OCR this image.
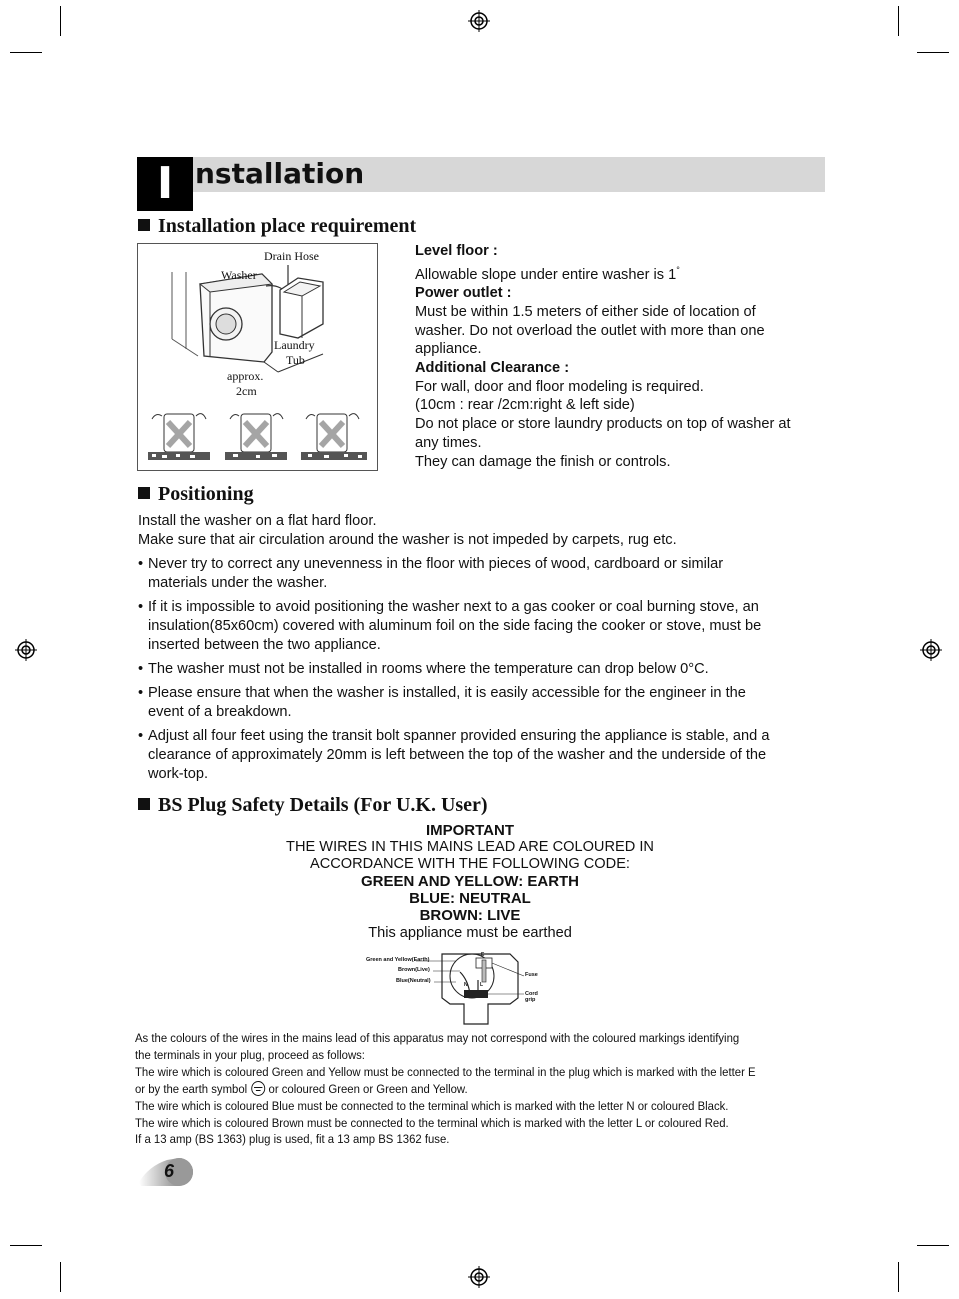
I nstallation
Installation place requirement
Drain Hose
Washer
Laundry
Tub
approx.
2cm
Level floor :
Allowable slope under entire washer is 1°
Power outlet :
Must be within 1.5 meters of either side of location of
washer. Do not overload the outlet with more than one
appliance.
Additional Clearance :
For wall, door and floor modeling is required.
(10cm : rear /2cm:right & left side)
Do not place or store laundry products on top of washer at
any times.
They can damage the finish or controls.
Positioning

Install the washer on a flat hard floor.

Make sure that air circulation around the washer is not impeded by carpets, rug etc.

• Never try to correct any unevenness in the floor with pieces of wood, cardboard or similar
materials under the washer.
• If it is impossible to avoid positioning the washer next to a gas cooker or coal burning stove, an
insulation(85x60cm) covered with aluminum foil on the side facing the cooker or stove, must be
inserted between the two appliance.
• The washer must not be installed in rooms where the temperature can drop below 0°C.
• Please ensure that when the washer is installed, it is easily accessible for the engineer in the
event of a breakdown.
• Adjust all four feet using the transit bolt spanner provided ensuring the appliance is stable, and a
clearance of approximately 20mm is left between the top of the washer and the underside of the
work-top.
BS Plug Safety Details (For U.K. User)
IMPORTANT
THE WIRES IN THIS MAINS LEAD ARE COLOURED IN
ACCORDANCE WITH THE FOLLOWING CODE:
GREEN AND YELLOW: EARTH
BLUE: NEUTRAL
BROWN: LIVE
This appliance must be earthed
Green and Yellow(Earth)
Brown(Live)
Blue(Neutral)
Fuse
Cord
grip
E
L
N

As the colours of the wires in the mains lead of this apparatus may not correspond with the coloured markings identifying

the terminals in your plug, proceed as follows:

The wire which is coloured Green and Yellow must be connected to the terminal in the plug which is marked with the letter E

or by the earth symbol or coloured Green or Green and Yellow.

The wire which is coloured Blue must be connected to the terminal which is marked with the letter N or coloured Black.

The wire which is coloured Brown must be connected to the terminal which is marked with the letter L or coloured Red.

If a 13 amp (BS 1363) plug is used, fit a 13 amp BS 1362 fuse.

6
